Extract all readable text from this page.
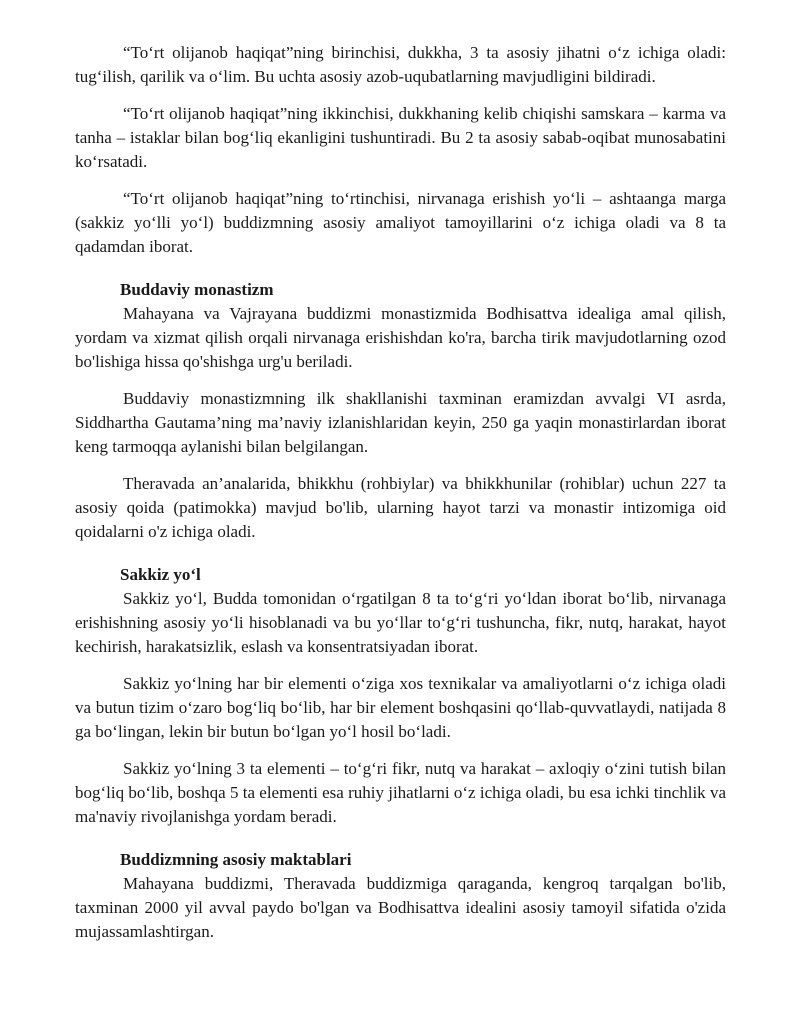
“To‘rt olijanob haqiqat”ning birinchisi, dukkha, 3 ta asosiy jihatni o‘z ichiga oladi: tug‘ilish, qarilik va o‘lim. Bu uchta asosiy azob-uqubatlarning mavjudligini bildiradi.

“To‘rt olijanob haqiqat”ning ikkinchisi, dukkhaning kelib chiqishi samskara – karma va tanha – istaklar bilan bog‘liq ekanligini tushuntiradi. Bu 2 ta asosiy sabab-oqibat munosabatini ko‘rsatadi.

“To‘rt olijanob haqiqat”ning to‘rtinchisi, nirvanaga erishish yo‘li – ashtaanga marga (sakkiz yo‘lli yo‘l) buddizmning asosiy amaliyot tamoyillarini o‘z ichiga oladi va 8 ta qadamdan iborat.

Buddaviy monastizm

Mahayana va Vajrayana buddizmi monastizmida Bodhisattva idealiga amal qilish, yordam va xizmat qilish orqali nirvanaga erishishdan ko'ra, barcha tirik mavjudotlarning ozod bo'lishiga hissa qo'shishga urg'u beriladi.

Buddaviy monastizmning ilk shakllanishi taxminan eramizdan avvalgi VI asrda, Siddhartha Gautama’ning ma’naviy izlanishlaridan keyin, 250 ga yaqin monastirlardan iborat keng tarmoqqa aylanishi bilan belgilangan.

Theravada an’analarida, bhikkhu (rohbiylar) va bhikkhunilar (rohiblar) uchun 227 ta asosiy qoida (patimokka) mavjud bo'lib, ularning hayot tarzi va monastir intizomiga oid qoidalarni o'z ichiga oladi.

Sakkiz yo‘l

Sakkiz yo‘l, Budda tomonidan o‘rgatilgan 8 ta to‘g‘ri yo‘ldan iborat bo‘lib, nirvanaga erishishning asosiy yo‘li hisoblanadi va bu yo‘llar to‘g‘ri tushuncha, fikr, nutq, harakat, hayot kechirish, harakatsizlik, eslash va konsentratsiyadan iborat.

Sakkiz yo‘lning har bir elementi o‘ziga xos texnikalar va amaliyotlarni o‘z ichiga oladi va butun tizim o‘zaro bog‘liq bo‘lib, har bir element boshqasini qo‘llab-quvvatlaydi, natijada 8 ga bo‘lingan, lekin bir butun bo‘lgan yo‘l hosil bo‘ladi.

Sakkiz yo‘lning 3 ta elementi – to‘g‘ri fikr, nutq va harakat – axloqiy o‘zini tutish bilan bog‘liq bo‘lib, boshqa 5 ta elementi esa ruhiy jihatlarni o‘z ichiga oladi, bu esa ichki tinchlik va ma'naviy rivojlanishga yordam beradi.

Buddizmning asosiy maktablari

Mahayana buddizmi, Theravada buddizmiga qaraganda, kengroq tarqalgan bo'lib, taxminan 2000 yil avval paydo bo'lgan va Bodhisattva idealini asosiy tamoyil sifatida o'zida mujassamlashtirgan.
